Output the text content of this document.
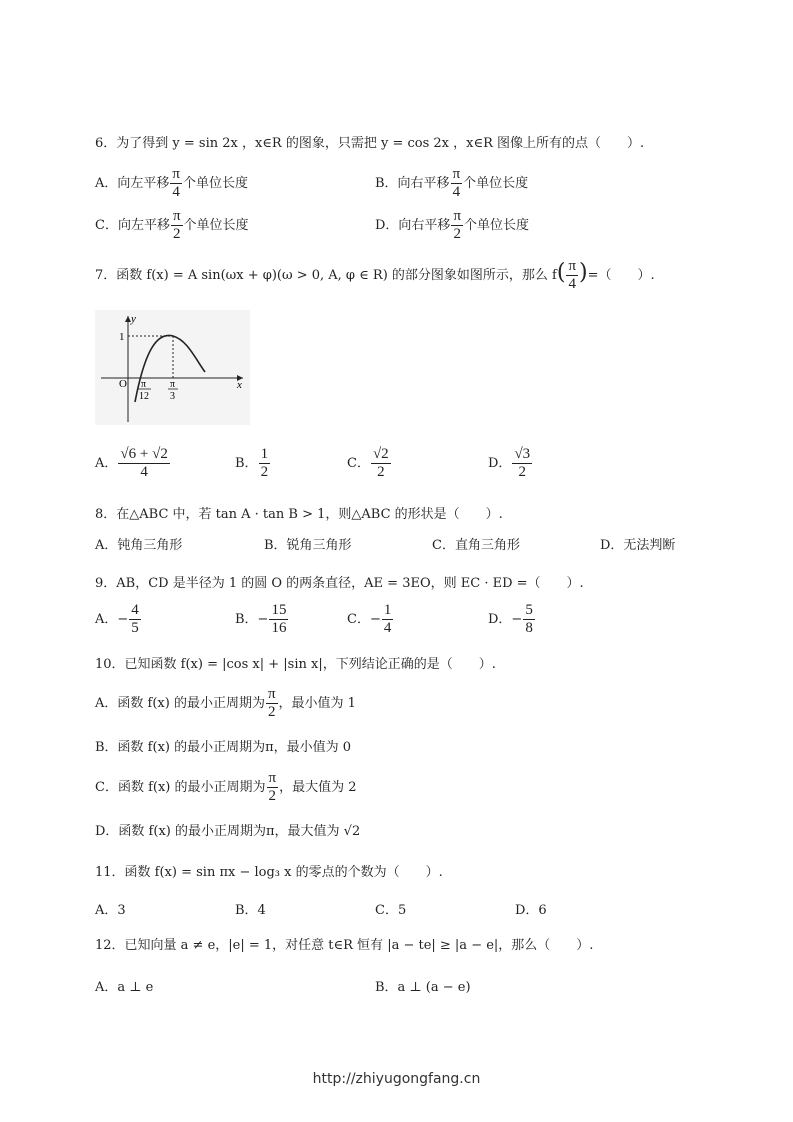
6．为了得到 y = sin 2x ，x∈R 的图象，只需把 y = cos 2x ，x∈R 图像上所有的点（　　）.
A．向左平移 $\frac{\pi}{4}$ 个单位长度	B．向右平移 $\frac{\pi}{4}$ 个单位长度
C．向左平移 $\frac{\pi}{2}$ 个单位长度	D．向右平移 $\frac{\pi}{2}$ 个单位长度
7．函数 f(x) = A sin(ωx + φ)(ω > 0, A, φ ∈ R) 的部分图象如图所示，那么 $f( \frac{\pi}{4}$ )=（　　）.
y
x
O
1
π
12
π
3
A． $\frac{√6 + √2}{4}$	B． $\frac{1}{2}$	C． $\frac{√2}{2}$	D． $\frac{√3}{2}$
8．在△ABC 中，若 tan A · tan B > 1，则△ABC 的形状是（　　）.
A．钝角三角形	B．锐角三角形	C．直角三角形	D．无法判断
9．AB，CD 是半径为 1 的圆 O 的两条直径，AE = 3EO，则 EC · ED =（　　）.
A．− $\frac{4}{5}$	B．− $\frac{15}{16}$	C．− $\frac{1}{4}$	D．− $\frac{5}{8}$
10．已知函数 f(x) = |cos x| + |sin x|，下列结论正确的是（　　）.
A．函数 f(x) 的最小正周期为 $\frac{\pi}{2}$ ，最小值为 1
B．函数 f(x) 的最小正周期为π，最小值为 0
C．函数 f(x) 的最小正周期为 $\frac{\pi}{2}$ ，最大值为 2
D．函数 f(x) 的最小正周期为π，最大值为 √2
11．函数 f(x) = sin πx − log₃ x 的零点的个数为（　　）.
A．3	B．4	C．5	D．6
12．已知向量 a ≠ e，|e| = 1，对任意 t∈R 恒有 |a − te| ≥ |a − e|，那么（　　）.
A．a ⊥ e	B．a ⊥ (a − e)
http://zhiyugongfang.cn
